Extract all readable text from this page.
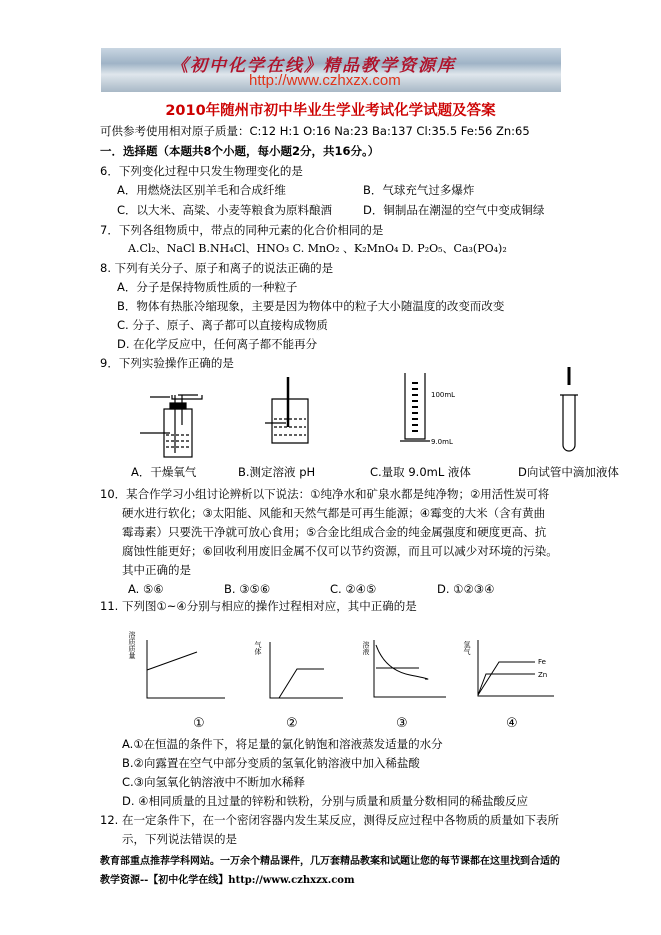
《初中化学在线》精品教学资源库
http://www.czhxzx.com
2010年随州市初中毕业生学业考试化学试题及答案
可供参考使用相对原子质量：C:12 H:1 O:16 Na:23 Ba:137 Cl:35.5 Fe:56 Zn:65
一．选择题（本题共8个小题，每小题2分，共16分。）
6．下列变化过程中只发生物理变化的是
A．用燃烧法区别羊毛和合成纤维	B．气球充气过多爆炸
C．以大米、高粱、小麦等粮食为原料酿酒	D．铜制品在潮湿的空气中变成铜绿
7．下列各组物质中，带点的同种元素的化合价相同的是
A.Cl₂、NaCl B.NH₄Cl、HNO₃ C. MnO₂ 、K₂MnO₄ D. P₂O₅、Ca₃(PO₄)₂
8. 下列有关分子、原子和离子的说法正确的是
A．分子是保持物质性质的一种粒子
B．物体有热胀冷缩现象，主要是因为物体中的粒子大小随温度的改变而改变
C. 分子、原子、离子都可以直接构成物质
D. 在化学反应中，任何离子都不能再分
9．下列实验操作正确的是
100mL
9.0mL
A．干燥氧气	B.测定溶液 pH	C.量取 9.0mL 液体	D向试管中滴加液体
10．某合作学习小组讨论辨析以下说法：①纯净水和矿泉水都是纯净物；②用活性炭可将
硬水进行软化；③太阳能、风能和天然气都是可再生能源；④霉变的大米（含有黄曲
霉毒素）只要洗干净就可放心食用；⑤合金比组成合金的纯金属强度和硬度更高、抗
腐蚀性能更好；⑥回收利用废旧金属不仅可以节约资源，而且可以减少对环境的污染。
其中正确的是
A. ⑤⑥	B. ③⑤⑥	C. ②④⑤	D. ①②③④
11. 下列图①~④分别与相应的操作过程相对应，其中正确的是
溶质质量	气体	溶液	氢气
Fe
Zn
①	②	③	④
A.①在恒温的条件下，将足量的氯化钠饱和溶液蒸发适量的水分
B.②向露置在空气中部分变质的氢氧化钠溶液中加入稀盐酸
C.③向氢氧化钠溶液中不断加水稀释
D. ④相同质量的且过量的锌粉和铁粉，分别与质量和质量分数相同的稀盐酸反应
12. 在一定条件下，在一个密闭容器内发生某反应，测得反应过程中各物质的质量如下表所
示，下列说法错误的是
教育部重点推荐学科网站。一万余个精品课件，几万套精品教案和试题让您的每节课都在这里找到合适的
教学资源--【初中化学在线】http://www.czhxzx.com
